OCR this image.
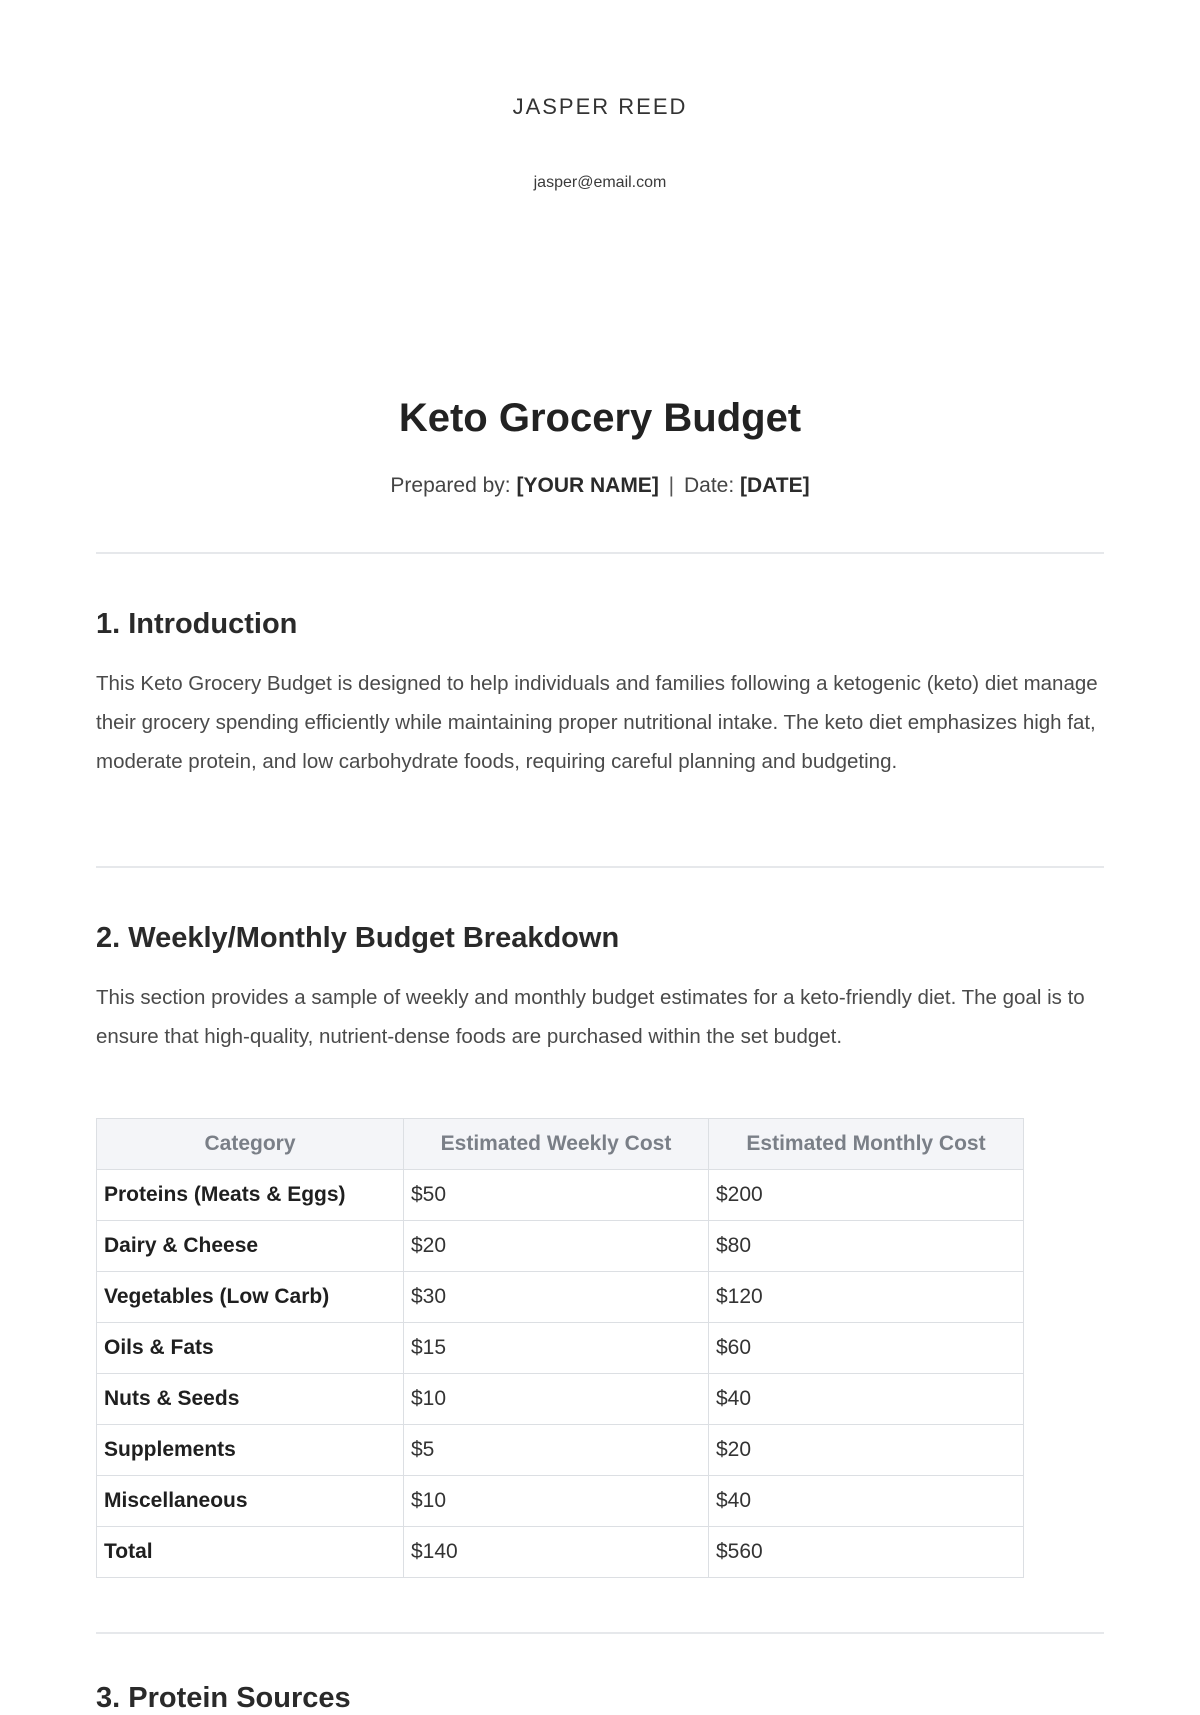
JASPER REED
jasper@email.com
Keto Grocery Budget
Prepared by: [YOUR NAME] | Date: [DATE]
1. Introduction
This Keto Grocery Budget is designed to help individuals and families following a ketogenic (keto) diet manage their grocery spending efficiently while maintaining proper nutritional intake. The keto diet emphasizes high fat, moderate protein, and low carbohydrate foods, requiring careful planning and budgeting.
2. Weekly/Monthly Budget Breakdown
This section provides a sample of weekly and monthly budget estimates for a keto-friendly diet. The goal is to ensure that high-quality, nutrient-dense foods are purchased within the set budget.
Category	Estimated Weekly Cost	Estimated Monthly Cost
Proteins (Meats & Eggs)	$50	$200
Dairy & Cheese	$20	$80
Vegetables (Low Carb)	$30	$120
Oils & Fats	$15	$60
Nuts & Seeds	$10	$40
Supplements	$5	$20
Miscellaneous	$10	$40
Total	$140	$560
3. Protein Sources
